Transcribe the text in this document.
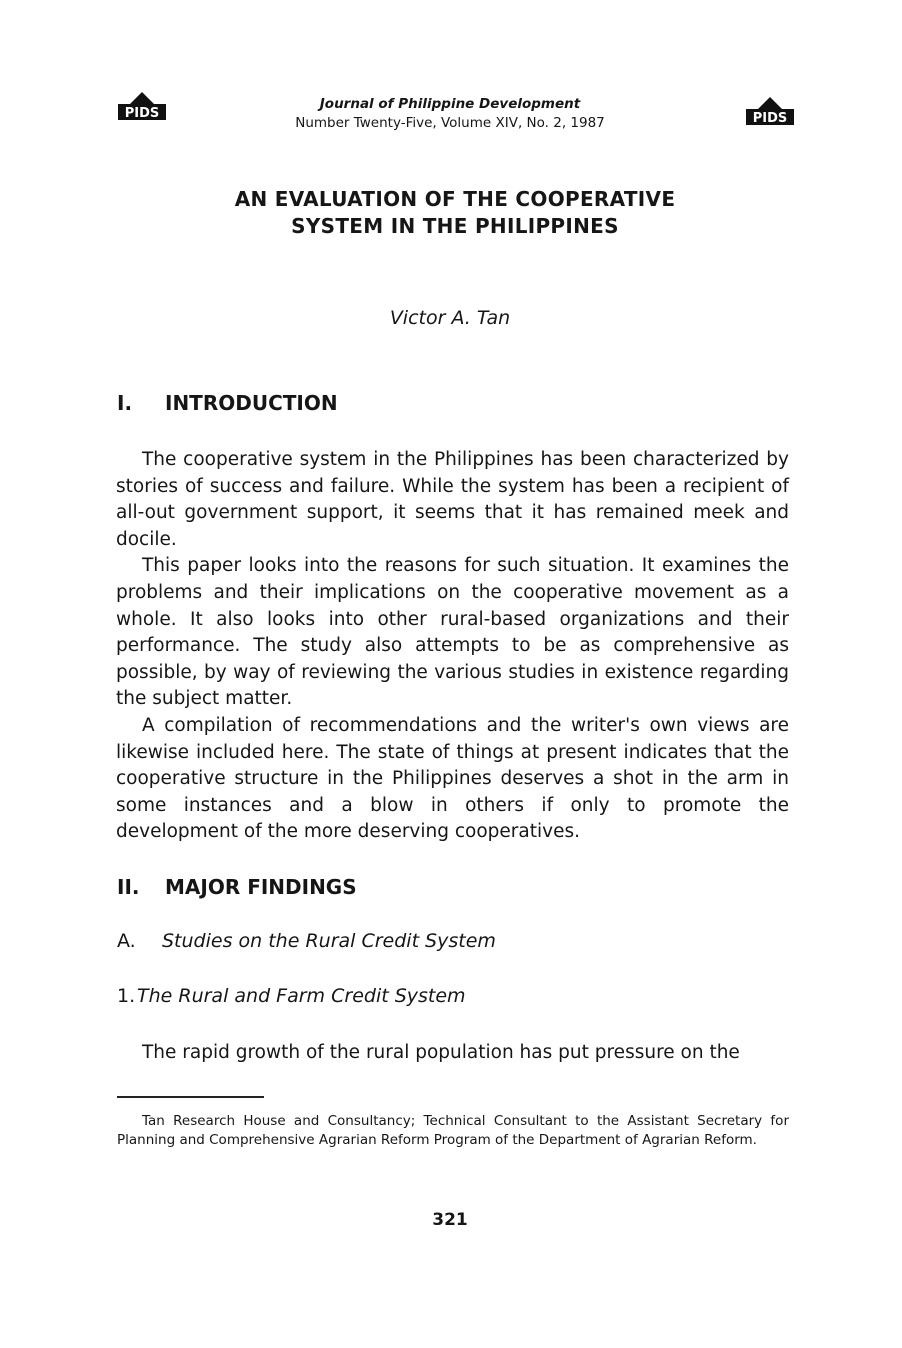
PIDS	PIDS
Journal of Philippine Development
Number Twenty-Five, Volume XIV, No. 2, 1987
AN EVALUATION OF THE COOPERATIVE
SYSTEM IN THE PHILIPPINES
Victor A. Tan
I. INTRODUCTION

The cooperative system in the Philippines has been characterized by stories of success and failure. While the system has been a recipient of all-out government support, it seems that it has remained meek and docile.

This paper looks into the reasons for such situation. It examines the problems and their implications on the cooperative movement as a whole. It also looks into other rural-based organizations and their performance. The study also attempts to be as comprehensive as possible, by way of reviewing the various studies in existence regarding the subject matter.

A compilation of recommendations and the writer's own views are likewise included here. The state of things at present indicates that the cooperative structure in the Philippines deserves a shot in the arm in some instances and a blow in others if only to promote the development of the more deserving cooperatives.

II. MAJOR FINDINGS
A. Studies on the Rural Credit System
1.The Rural and Farm Credit System

The rapid growth of the rural population has put pressure on the

Tan Research House and Consultancy; Technical Consultant to the Assistant Secretary for Planning and Comprehensive Agrarian Reform Program of the Department of Agrarian Reform.

321
